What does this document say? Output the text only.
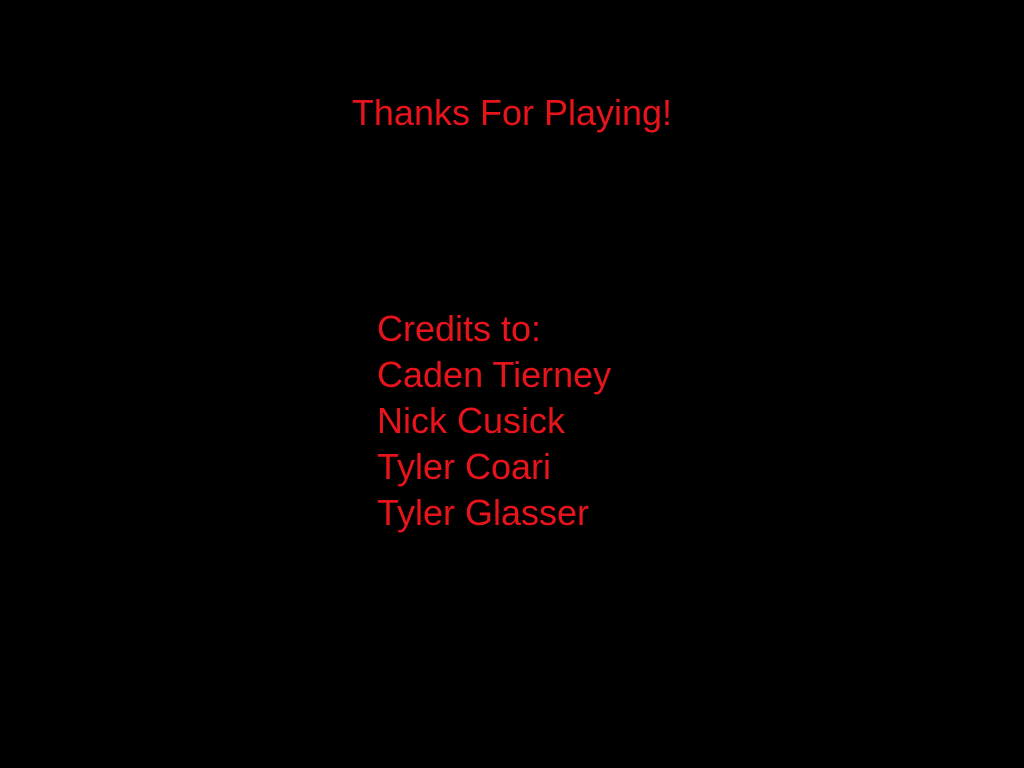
Thanks For Playing!
Credits to:
Caden Tierney
Nick Cusick
Tyler Coari
Tyler Glasser
